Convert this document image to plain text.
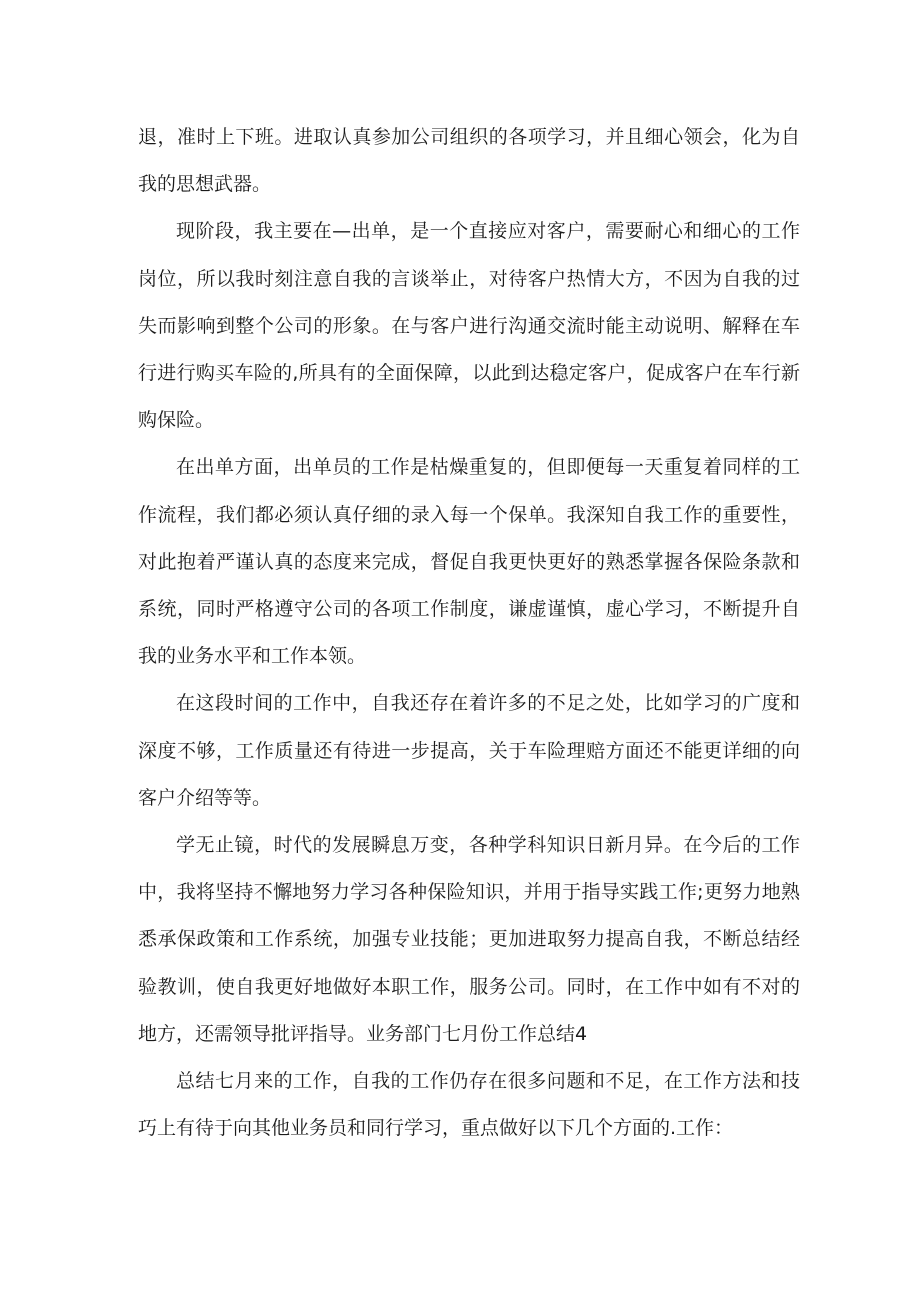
退，准时上下班。进取认真参加公司组织的各项学习，并且细心领会，化为自我的思想武器。

现阶段，我主要在—出单，是一个直接应对客户，需要耐心和细心的工作岗位，所以我时刻注意自我的言谈举止，对待客户热情大方，不因为自我的过失而影响到整个公司的形象。在与客户进行沟通交流时能主动说明、解释在车行进行购买车险的,所具有的全面保障，以此到达稳定客户，促成客户在车行新购保险。

在出单方面，出单员的工作是枯燥重复的，但即便每一天重复着同样的工作流程，我们都必须认真仔细的录入每一个保单。我深知自我工作的重要性，对此抱着严谨认真的态度来完成，督促自我更快更好的熟悉掌握各保险条款和系统，同时严格遵守公司的各项工作制度，谦虚谨慎，虚心学习，不断提升自我的业务水平和工作本领。

在这段时间的工作中，自我还存在着许多的不足之处，比如学习的广度和深度不够，工作质量还有待进一步提高，关于车险理赔方面还不能更详细的向客户介绍等等。

学无止镜，时代的发展瞬息万变，各种学科知识日新月异。在今后的工作中，我将坚持不懈地努力学习各种保险知识，并用于指导实践工作;更努力地熟悉承保政策和工作系统，加强专业技能；更加进取努力提高自我，不断总结经验教训，使自我更好地做好本职工作，服务公司。同时，在工作中如有不对的地方，还需领导批评指导。业务部门七月份工作总结4

总结七月来的工作，自我的工作仍存在很多问题和不足，在工作方法和技巧上有待于向其他业务员和同行学习，重点做好以下几个方面的.工作：
